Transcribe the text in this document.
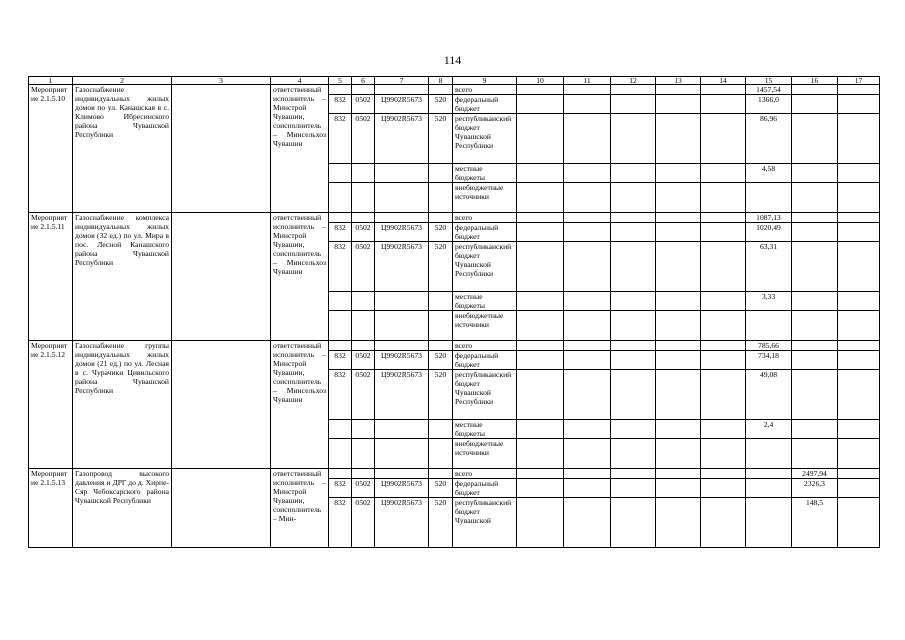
114
1	2	3	4	5	6	7	8	9	10	11	12	13	14	15	16	17
Мероприятие 2.1.5.10	Газоснабжение индивидуальных жилых домов по ул. Канашская в с. Климово Ибресинского района Чувашской Республики		ответственный исполнитель – Минстрой Чувашии, соисполнитель – Минсельхоз Чувашии					всего						1457,54		
				832	0502	Ц9902R5673	520	федеральный бюджет						1366,0		
				832	0502	Ц9902R5673	520	республиканский бюджет Чувашской Республики						86,96		
								местные бюджеты						4,58		
								внебюджетные источники								
Мероприятие 2.1.5.11	Газоснабжение комплекса индивидуальных жилых домов (32 ед.) по ул. Мира в пос. Лесной Канашского района Чувашской Республики		ответственный исполнитель – Минстрой Чувашии, соисполнитель – Минсельхоз Чувашии					всего						1087,13		
				832	0502	Ц9902R5673	520	федеральный бюджет						1020,49		
				832	0502	Ц9902R5673	520	республиканский бюджет Чувашской Республики						63,31		
								местные бюджеты						3,33		
								внебюджетные источники								
Мероприятие 2.1.5.12	Газоснабжение группы индивидуальных жилых домов (21 ед.) по ул. Лесная в с. Чурачики Цивильского района Чувашской Республики		ответственный исполнитель – Минстрой Чувашии, соисполнитель – Минсельхоз Чувашии					всего						785,66		
				832	0502	Ц9902R5673	520	федеральный бюджет						734,18		
				832	0502	Ц9902R5673	520	республиканский бюджет Чувашской Республики						49,08		
								местные бюджеты						2,4		
								внебюджетные источники								
Мероприятие 2.1.5.13	Газопровод высокого давления и ДРГ до д. Хирпе-Сяр Чебоксарского района Чувашской Республики		ответственный исполнитель – Минстрой Чувашии, соисполнитель – Мин-					всего							2497,94	
				832	0502	Ц9902R5673	520	федеральный бюджет							2326,3	
				832	0502	Ц9902R5673	520	республиканский бюджет Чувашской							148,5	
